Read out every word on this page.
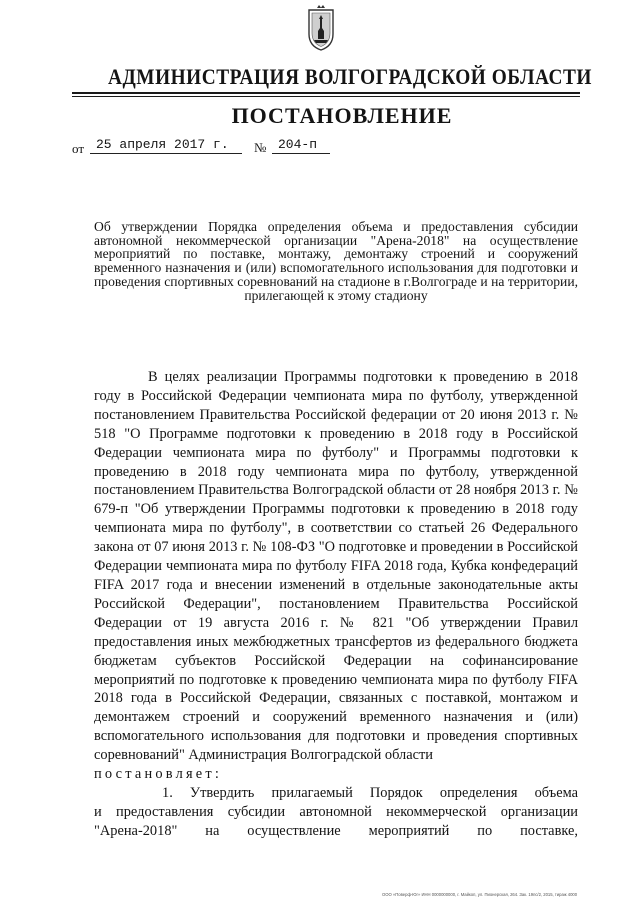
АДМИНИСТРАЦИЯ ВОЛГОГРАДСКОЙ ОБЛАСТИ
ПОСТАНОВЛЕНИЕ
от 25 апреля 2017 г. № 204-п
Об утверждении Порядка определения объема и предоставления субсидии автономной некоммерческой организации "Арена-2018" на осуществление мероприятий по поставке, монтажу, демонтажу строений и сооружений временного назначения и (или) вспомогательного использования для подготовки и проведения спортивных соревнований на стадионе в г.Волгограде и на территории, прилегающей к этому стадиону
В целях реализации Программы подготовки к проведению в 2018 году в Российской Федерации чемпионата мира по футболу, утвержденной постановлением Правительства Российской федерации от 20 июня 2013 г. № 518 "О Программе подготовки к проведению в 2018 году в Российской Федерации чемпионата мира по футболу" и Программы подготовки к проведению в 2018 году чемпионата мира по футболу, утвержденной постановлением Правительства Волгоградской области от 28 ноября 2013 г. № 679-п "Об утверждении Программы подготовки к проведению в 2018 году чемпионата мира по футболу", в соответствии со статьей 26 Федерального закона от 07 июня 2013 г. № 108-ФЗ "О подготовке и проведении в Российской Федерации чемпионата мира по футболу FIFA 2018 года, Кубка конфедераций FIFA 2017 года и внесении изменений в отдельные законодательные акты Российской Федерации", постановлением Правительства Российской Федерации от 19 августа 2016 г. № 821 "Об утверждении Правил предоставления иных межбюджетных трансфертов из федерального бюджета бюджетам субъектов Российской Федерации на софинансирование мероприятий по подготовке к проведению чемпионата мира по футболу FIFA 2018 года в Российской Федерации, связанных с поставкой, монтажом и демонтажем строений и сооружений временного назначения и (или) вспомогательного использования для подготовки и проведения спортивных соревнований" Администрация Волгоградской области
постановляет:
1. Утвердить прилагаемый Порядок определения объема
и предоставления субсидии автономной некоммерческой организации
"Арена-2018" на осуществление мероприятий по поставке,
ООО «Поверф-Юг» ИНН 0000000000, г. Майкоп, ул. Пионерская, 264. Зак. 19пс/2, 2015, тираж 4000
